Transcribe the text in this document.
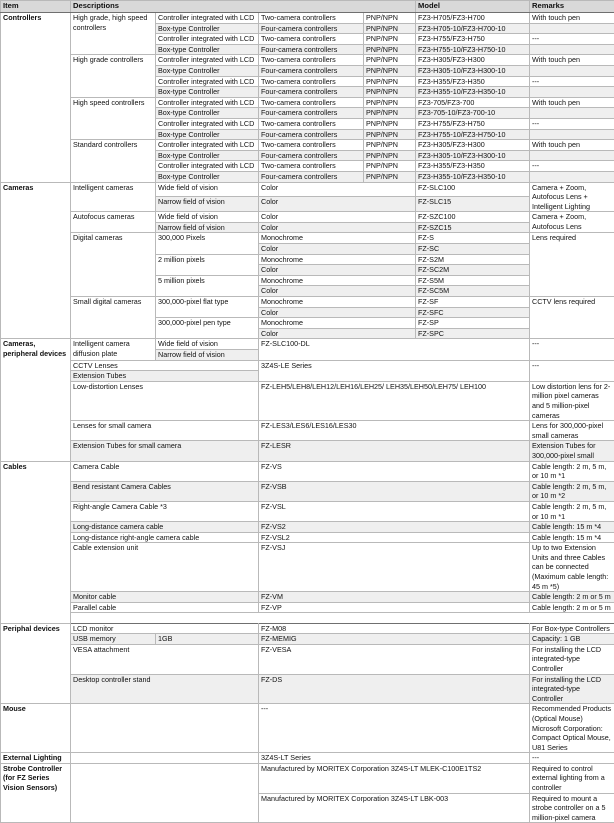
Item	Descriptions				Model	Remarks
Controllers	High grade, high speed controllers	Controller integrated with LCD	Two-camera controllers	PNP/NPN	FZ3-H705/FZ3-H700	With touch pen
		Box-type Controller	Four-camera controllers	PNP/NPN	FZ3-H705-10/FZ3-H700-10	
		Controller integrated with LCD	Two-camera controllers	PNP/NPN	FZ3-H755/FZ3-H750	---
		Box-type Controller	Four-camera controllers	PNP/NPN	FZ3-H755-10/FZ3-H750-10	
	High grade controllers	Controller integrated with LCD	Two-camera controllers	PNP/NPN	FZ3-H305/FZ3-H300	With touch pen
		Box-type Controller	Four-camera controllers	PNP/NPN	FZ3-H305-10/FZ3-H300-10	
		Controller integrated with LCD	Two-camera controllers	PNP/NPN	FZ3-H355/FZ3-H350	---
		Box-type Controller	Four-camera controllers	PNP/NPN	FZ3-H355-10/FZ3-H350-10	
	High speed controllers	Controller integrated with LCD	Two-camera controllers	PNP/NPN	FZ3-705/FZ3-700	With touch pen
		Box-type Controller	Four-camera controllers	PNP/NPN	FZ3-705-10/FZ3-700-10	
		Controller integrated with LCD	Two-camera controllers	PNP/NPN	FZ3-H755/FZ3-H750	---
		Box-type Controller	Four-camera controllers	PNP/NPN	FZ3-H755-10/FZ3-H750-10	
	Standard controllers	Controller integrated with LCD	Two-camera controllers	PNP/NPN	FZ3-H305/FZ3-H300	With touch pen
		Box-type Controller	Four-camera controllers	PNP/NPN	FZ3-H305-10/FZ3-H300-10	
		Controller integrated with LCD	Two-camera controllers	PNP/NPN	FZ3-H355/FZ3-H350	---
		Box-type Controller	Four-camera controllers	PNP/NPN	FZ3-H355-10/FZ3-H350-10	
Cameras	Intelligent cameras	Wide field of vision	Color		FZ-SLC100	Camera + Zoom, Autofocus Lens + Intelligent Lighting
		Narrow field of vision	Color		FZ-SLC15	
	Autofocus cameras	Wide field of vision	Color		FZ-SZC100	Camera + Zoom, Autofocus Lens
		Narrow field of vision	Color		FZ-SZC15	
	Digital cameras	300,000 Pixels	Monochrome		FZ-S	Lens required
			Color		FZ-SC	
		2 million pixels	Monochrome		FZ-S2M	
			Color		FZ-SC2M	
		5 million pixels	Monochrome		FZ-S5M	
			Color		FZ-SC5M	
	Small digital cameras	300,000-pixel flat type	Monochrome		FZ-SF	CCTV lens required
			Color		FZ-SFC	
		300,000-pixel pen type	Monochrome		FZ-SP	
			Color		FZ-SPC	
Cameras, peripheral devices	Intelligent camera diffusion plate	Wide field of vision	FZ-SLC100-DL			---
		Narrow field of vision				
	CCTV Lenses		3Z4S-LE Series			---
	Extension Tubes					
	Low-distortion Lenses		FZ-LEH5/LEH8/LEH12/LEH16/LEH25/ LEH35/LEH50/LEH75/ LEH100			Low distortion lens for 2-million pixel cameras and 5 million-pixel cameras

	Lenses for small camera		FZ-LES3/LES6/LES16/LES30			Lens for 300,000-pixel small cameras
	Extension Tubes for small camera		FZ-LESR			Extension Tubes for 300,000-pixel small
Cables	Camera Cable		FZ-VS			Cable length: 2 m, 5 m, or 10 m *1
	Bend resistant Camera Cables		FZ-VSB			Cable length: 2 m, 5 m, or 10 m *2
	Right-angle Camera Cable *3		FZ-VSL			Cable length: 2 m, 5 m, or 10 m *1
	Long-distance camera cable		FZ-VS2			Cable length: 15 m *4
	Long-distance right-angle camera cable		FZ-VSL2			Cable length: 15 m *4
	Cable extension unit		FZ-VSJ			Up to two Extension Units and three Cables can be connected (Maximum cable length: 45 m *5)

	Monitor cable		FZ-VM			Cable length: 2 m or 5 m
	Parallel cable		FZ-VP			Cable length: 2 m or 5 m

Periphal devices	LCD monitor		FZ-M08			For Box-type Controllers
	USB memory	1GB	FZ-MEMIG			Capacity: 1 GB
	VESA attachment		FZ-VESA			For installing the LCD integrated-type Controller
	Desktop controller stand		FZ-DS			For installing the LCD integrated-type Controller
Mouse			---			Recommended Products (Optical Mouse) Microsoft Corporation: Compact Optical Mouse, U81 Series

External Lighting			3Z4S-LT Series			---
Strobe Controller (for FZ Series Vision Sensors)			Manufactured by MORITEX Corporation 3Z4S-LT MLEK-C100E1TS2			Required to control external lighting from a controller

			Manufactured by MORITEX Corporation 3Z4S-LT LBK-003			Required to mount a strobe controller on a 5 million-pixel camera
